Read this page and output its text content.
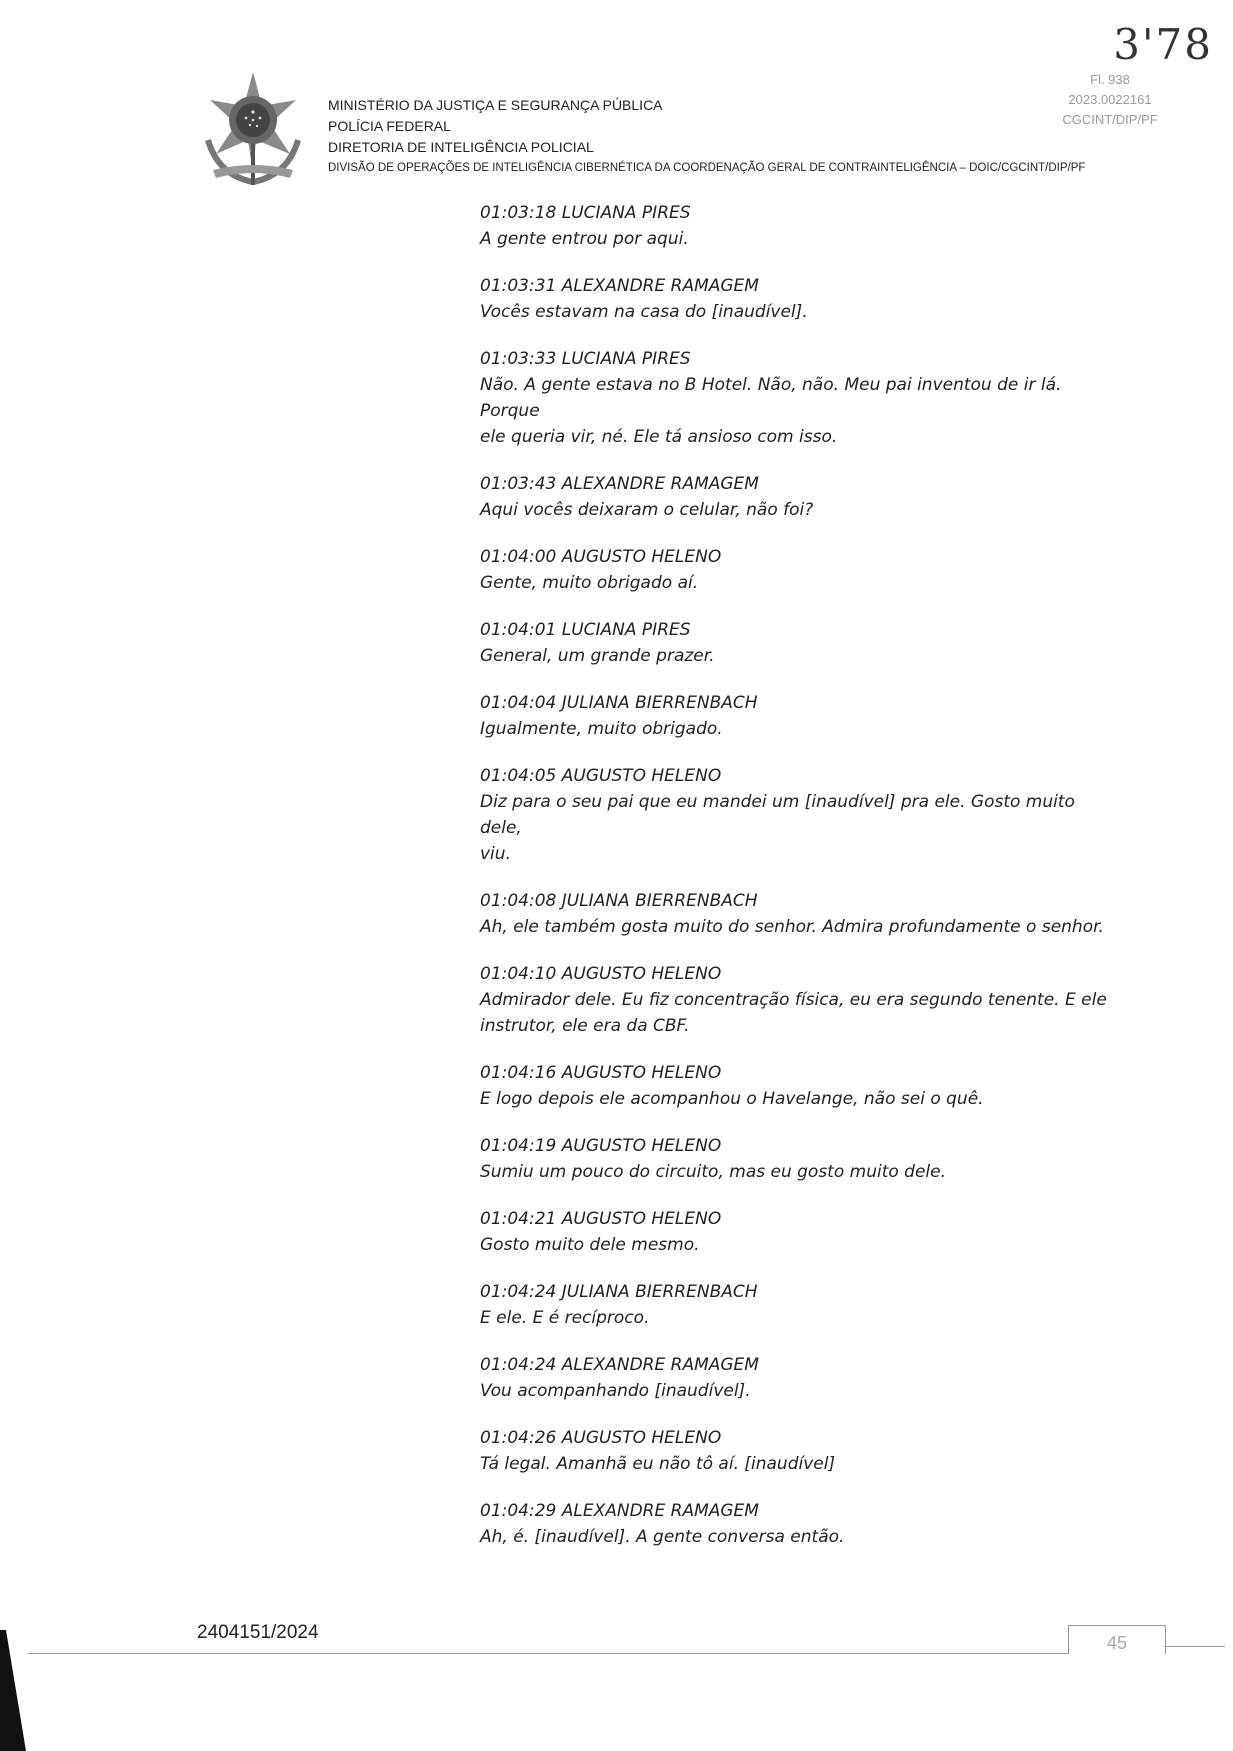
3'78
Fl. 938
2023.0022161
CGCINT/DIP/PF
MINISTÉRIO DA JUSTIÇA E SEGURANÇA PÚBLICA
POLÍCIA FEDERAL
DIRETORIA DE INTELIGÊNCIA POLICIAL
DIVISÃO DE OPERAÇÕES DE INTELIGÊNCIA CIBERNÉTICA DA COORDENAÇÃO GERAL DE CONTRAINTELIGÊNCIA – DOIC/CGCINT/DIP/PF
01:03:18 LUCIANA PIRES
A gente entrou por aqui.
01:03:31 ALEXANDRE RAMAGEM
Vocês estavam na casa do [inaudível].
01:03:33 LUCIANA PIRES
Não. A gente estava no B Hotel. Não, não. Meu pai inventou de ir lá. Porque
ele queria vir, né. Ele tá ansioso com isso.
01:03:43 ALEXANDRE RAMAGEM
Aqui vocês deixaram o celular, não foi?
01:04:00 AUGUSTO HELENO
Gente, muito obrigado aí.
01:04:01 LUCIANA PIRES
General, um grande prazer.
01:04:04 JULIANA BIERRENBACH
Igualmente, muito obrigado.
01:04:05 AUGUSTO HELENO
Diz para o seu pai que eu mandei um [inaudível] pra ele. Gosto muito dele,
viu.
01:04:08 JULIANA BIERRENBACH
Ah, ele também gosta muito do senhor. Admira profundamente o senhor.
01:04:10 AUGUSTO HELENO
Admirador dele. Eu fiz concentração física, eu era segundo tenente. E ele
instrutor, ele era da CBF.
01:04:16 AUGUSTO HELENO
E logo depois ele acompanhou o Havelange, não sei o quê.
01:04:19 AUGUSTO HELENO
Sumiu um pouco do circuito, mas eu gosto muito dele.
01:04:21 AUGUSTO HELENO
Gosto muito dele mesmo.
01:04:24 JULIANA BIERRENBACH
E ele. E é recíproco.
01:04:24 ALEXANDRE RAMAGEM
Vou acompanhando [inaudível].
01:04:26 AUGUSTO HELENO
Tá legal. Amanhã eu não tô aí. [inaudível]
01:04:29 ALEXANDRE RAMAGEM
Ah, é. [inaudível]. A gente conversa então.
2404151/2024	45
